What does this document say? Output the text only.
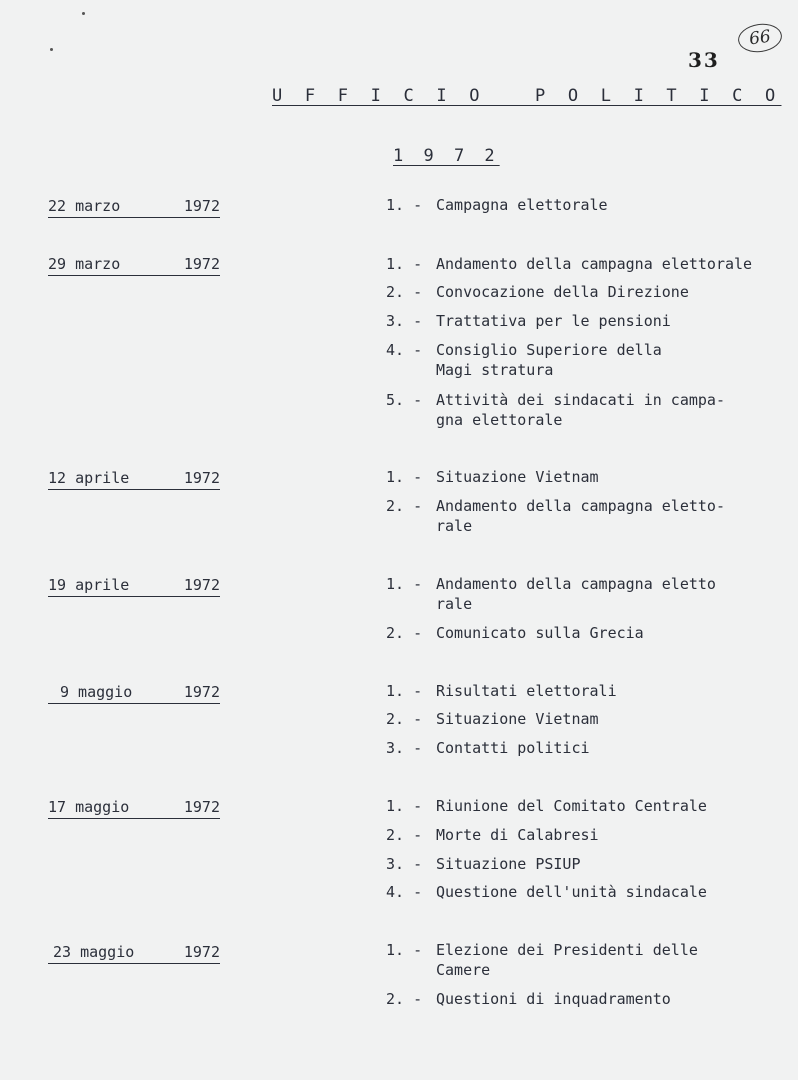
66
33
U F F I C I O   P O L I T I C O
1 9 7 2
22 marzo	1972	1. - Campagna elettorale
29 marzo	1972	1. - Andamento della campagna elettorale
2. - Convocazione della Direzione
3. - Trattativa per le pensioni
4. - Consiglio Superiore della Magi stratura
5. - Attività dei sindacati in campa- gna elettorale
12 aprile	1972	1. - Situazione Vietnam
2. - Andamento della campagna eletto- rale
19 aprile	1972	1. - Andamento della campagna eletto rale
2. - Comunicato sulla Grecia
9 maggio	1972	1. - Risultati elettorali
2. - Situazione Vietnam
3. - Contatti politici
17 maggio	1972	1. - Riunione del Comitato Centrale
2. - Morte di Calabresi
3. - Situazione PSIUP
4. - Questione dell'unità sindacale
23 maggio	1972	1. - Elezione dei Presidenti delle Camere
2. - Questioni di inquadramento
